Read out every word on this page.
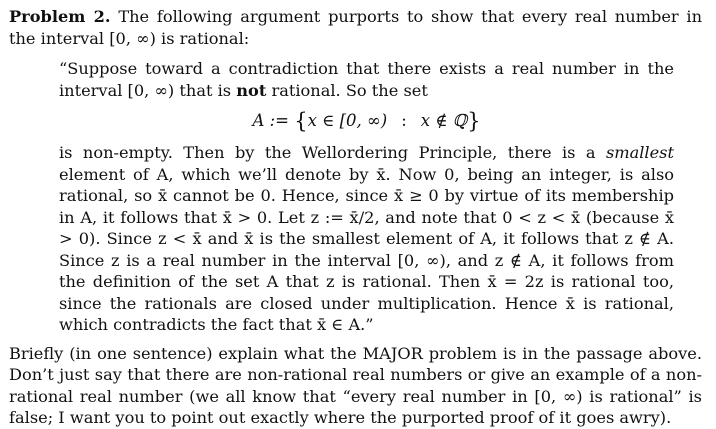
Problem 2. The following argument purports to show that every real number in the interval [0, ∞) is rational:

“Suppose toward a contradiction that there exists a real number in the interval [0, ∞) that is not rational. So the set

A := {x ∈ [0, ∞) : x ∉ ℚ}

is non-empty. Then by the Wellordering Principle, there is a smallest element of A, which we’ll denote by x̄. Now 0, being an integer, is also rational, so x̄ cannot be 0. Hence, since x̄ ≥ 0 by virtue of its membership in A, it follows that x̄ > 0. Let z := x̄/2, and note that 0 < z < x̄ (because x̄ > 0). Since z < x̄ and x̄ is the smallest element of A, it follows that z ∉ A. Since z is a real number in the interval [0, ∞), and z ∉ A, it follows from the definition of the set A that z is rational. Then x̄ = 2z is rational too, since the rationals are closed under multiplication. Hence x̄ is rational, which contradicts the fact that x̄ ∈ A.”

Briefly (in one sentence) explain what the MAJOR problem is in the passage above. Don’t just say that there are non-rational real numbers or give an example of a non-rational real number (we all know that “every real number in [0, ∞) is rational” is false; I want you to point out exactly where the purported proof of it goes awry).
